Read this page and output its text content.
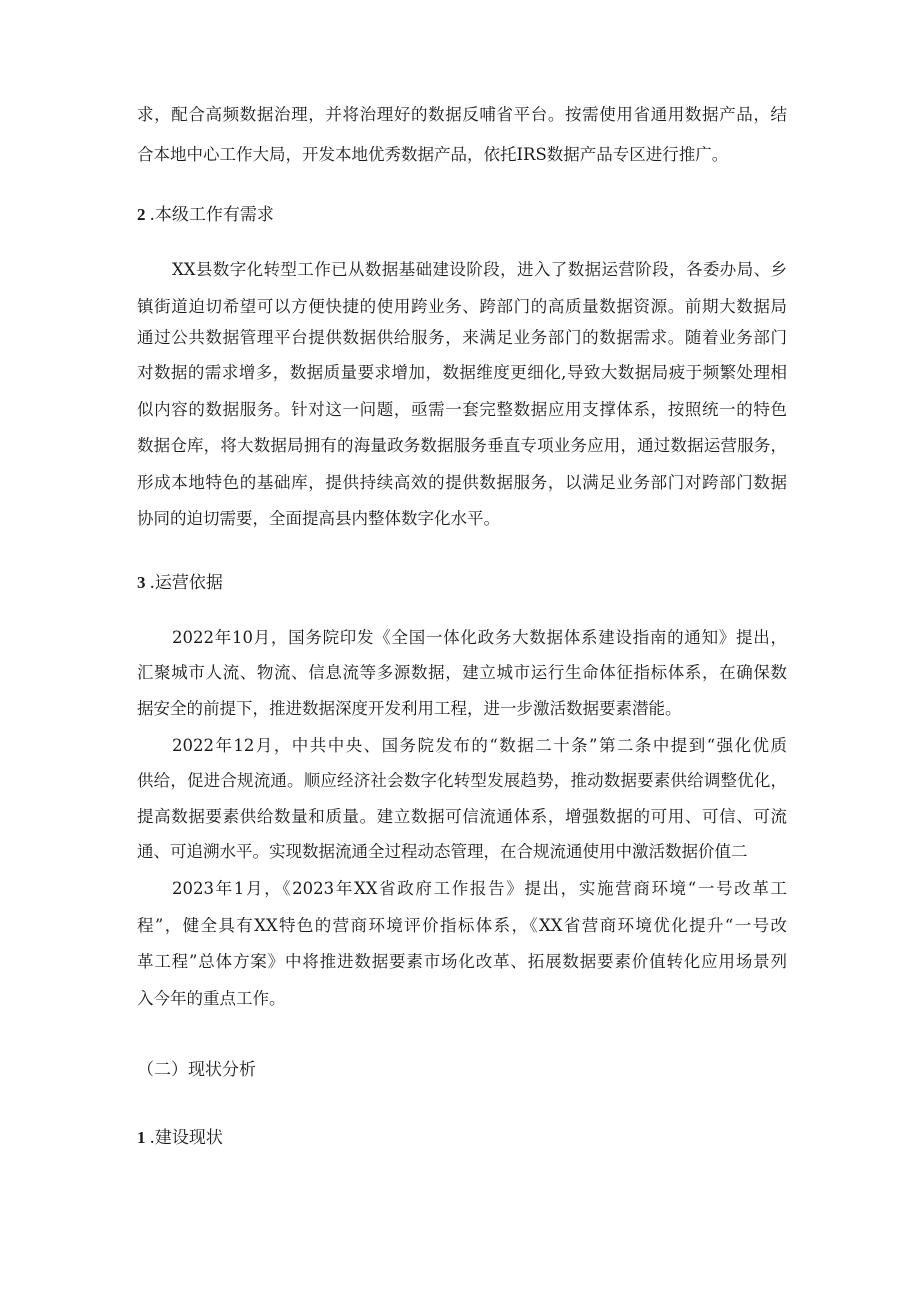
求，配合高频数据治理，并将治理好的数据反哺省平台。按需使用省通用数据产品，结
合本地中心工作大局，开发本地优秀数据产品，依托IRS数据产品专区进行推广。
2 .本级工作有需求
XX县数字化转型工作已从数据基础建设阶段，进入了数据运营阶段，各委办局、乡
镇街道迫切希望可以方便快捷的使用跨业务、跨部门的高质量数据资源。前期大数据局
通过公共数据管理平台提供数据供给服务，来满足业务部门的数据需求。随着业务部门
对数据的需求增多，数据质量要求增加，数据维度更细化,导致大数据局疲于频繁处理相
似内容的数据服务。针对这一问题，亟需一套完整数据应用支撑体系，按照统一的特色
数据仓库，将大数据局拥有的海量政务数据服务垂直专项业务应用，通过数据运营服务，
形成本地特色的基础库，提供持续高效的提供数据服务，以满足业务部门对跨部门数据
协同的迫切需要，全面提高县内整体数字化水平。
3 .运营依据
2022年10月，国务院印发《全国一体化政务大数据体系建设指南的通知》提出，
汇聚城市人流、物流、信息流等多源数据，建立城市运行生命体征指标体系，在确保数
据安全的前提下，推进数据深度开发利用工程，进一步激活数据要素潜能。
2022年12月，中共中央、国务院发布的“数据二十条”第二条中提到“强化优质
供给，促进合规流通。顺应经济社会数字化转型发展趋势，推动数据要素供给调整优化，
提高数据要素供给数量和质量。建立数据可信流通体系，增强数据的可用、可信、可流
通、可追溯水平。实现数据流通全过程动态管理，在合规流通使用中激活数据价值二
2023年1月，《2023年XX省政府工作报告》提出，实施营商环境“一号改革工
程”，健全具有XX特色的营商环境评价指标体系，《XX省营商环境优化提升“一号改
革工程”总体方案》中将推进数据要素市场化改革、拓展数据要素价值转化应用场景列
入今年的重点工作。
（二）现状分析
1 .建设现状
